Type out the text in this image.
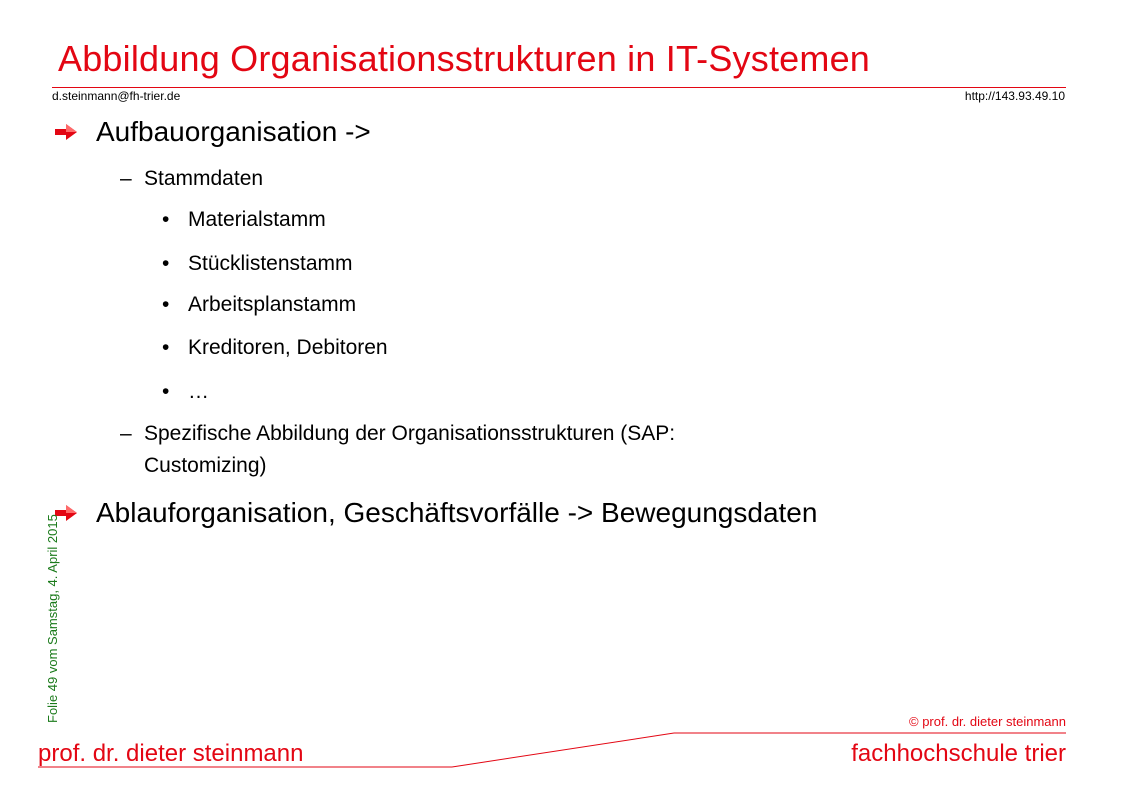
Abbildung Organisationsstrukturen in IT-Systemen
d.steinmann@fh-trier.de	http://143.93.49.10
Aufbauorganisation ->
– Stammdaten
• Materialstamm
• Stücklistenstamm
• Arbeitsplanstamm
• Kreditoren, Debitoren
• …
– Spezifische Abbildung der Organisationsstrukturen (SAP:
Customizing)
Ablauforganisation, Geschäftsvorfälle -> Bewegungsdaten
Folie 49 vom Samstag, 4. April 2015	© prof. dr. dieter steinmann
prof. dr. dieter steinmann	fachhochschule trier
